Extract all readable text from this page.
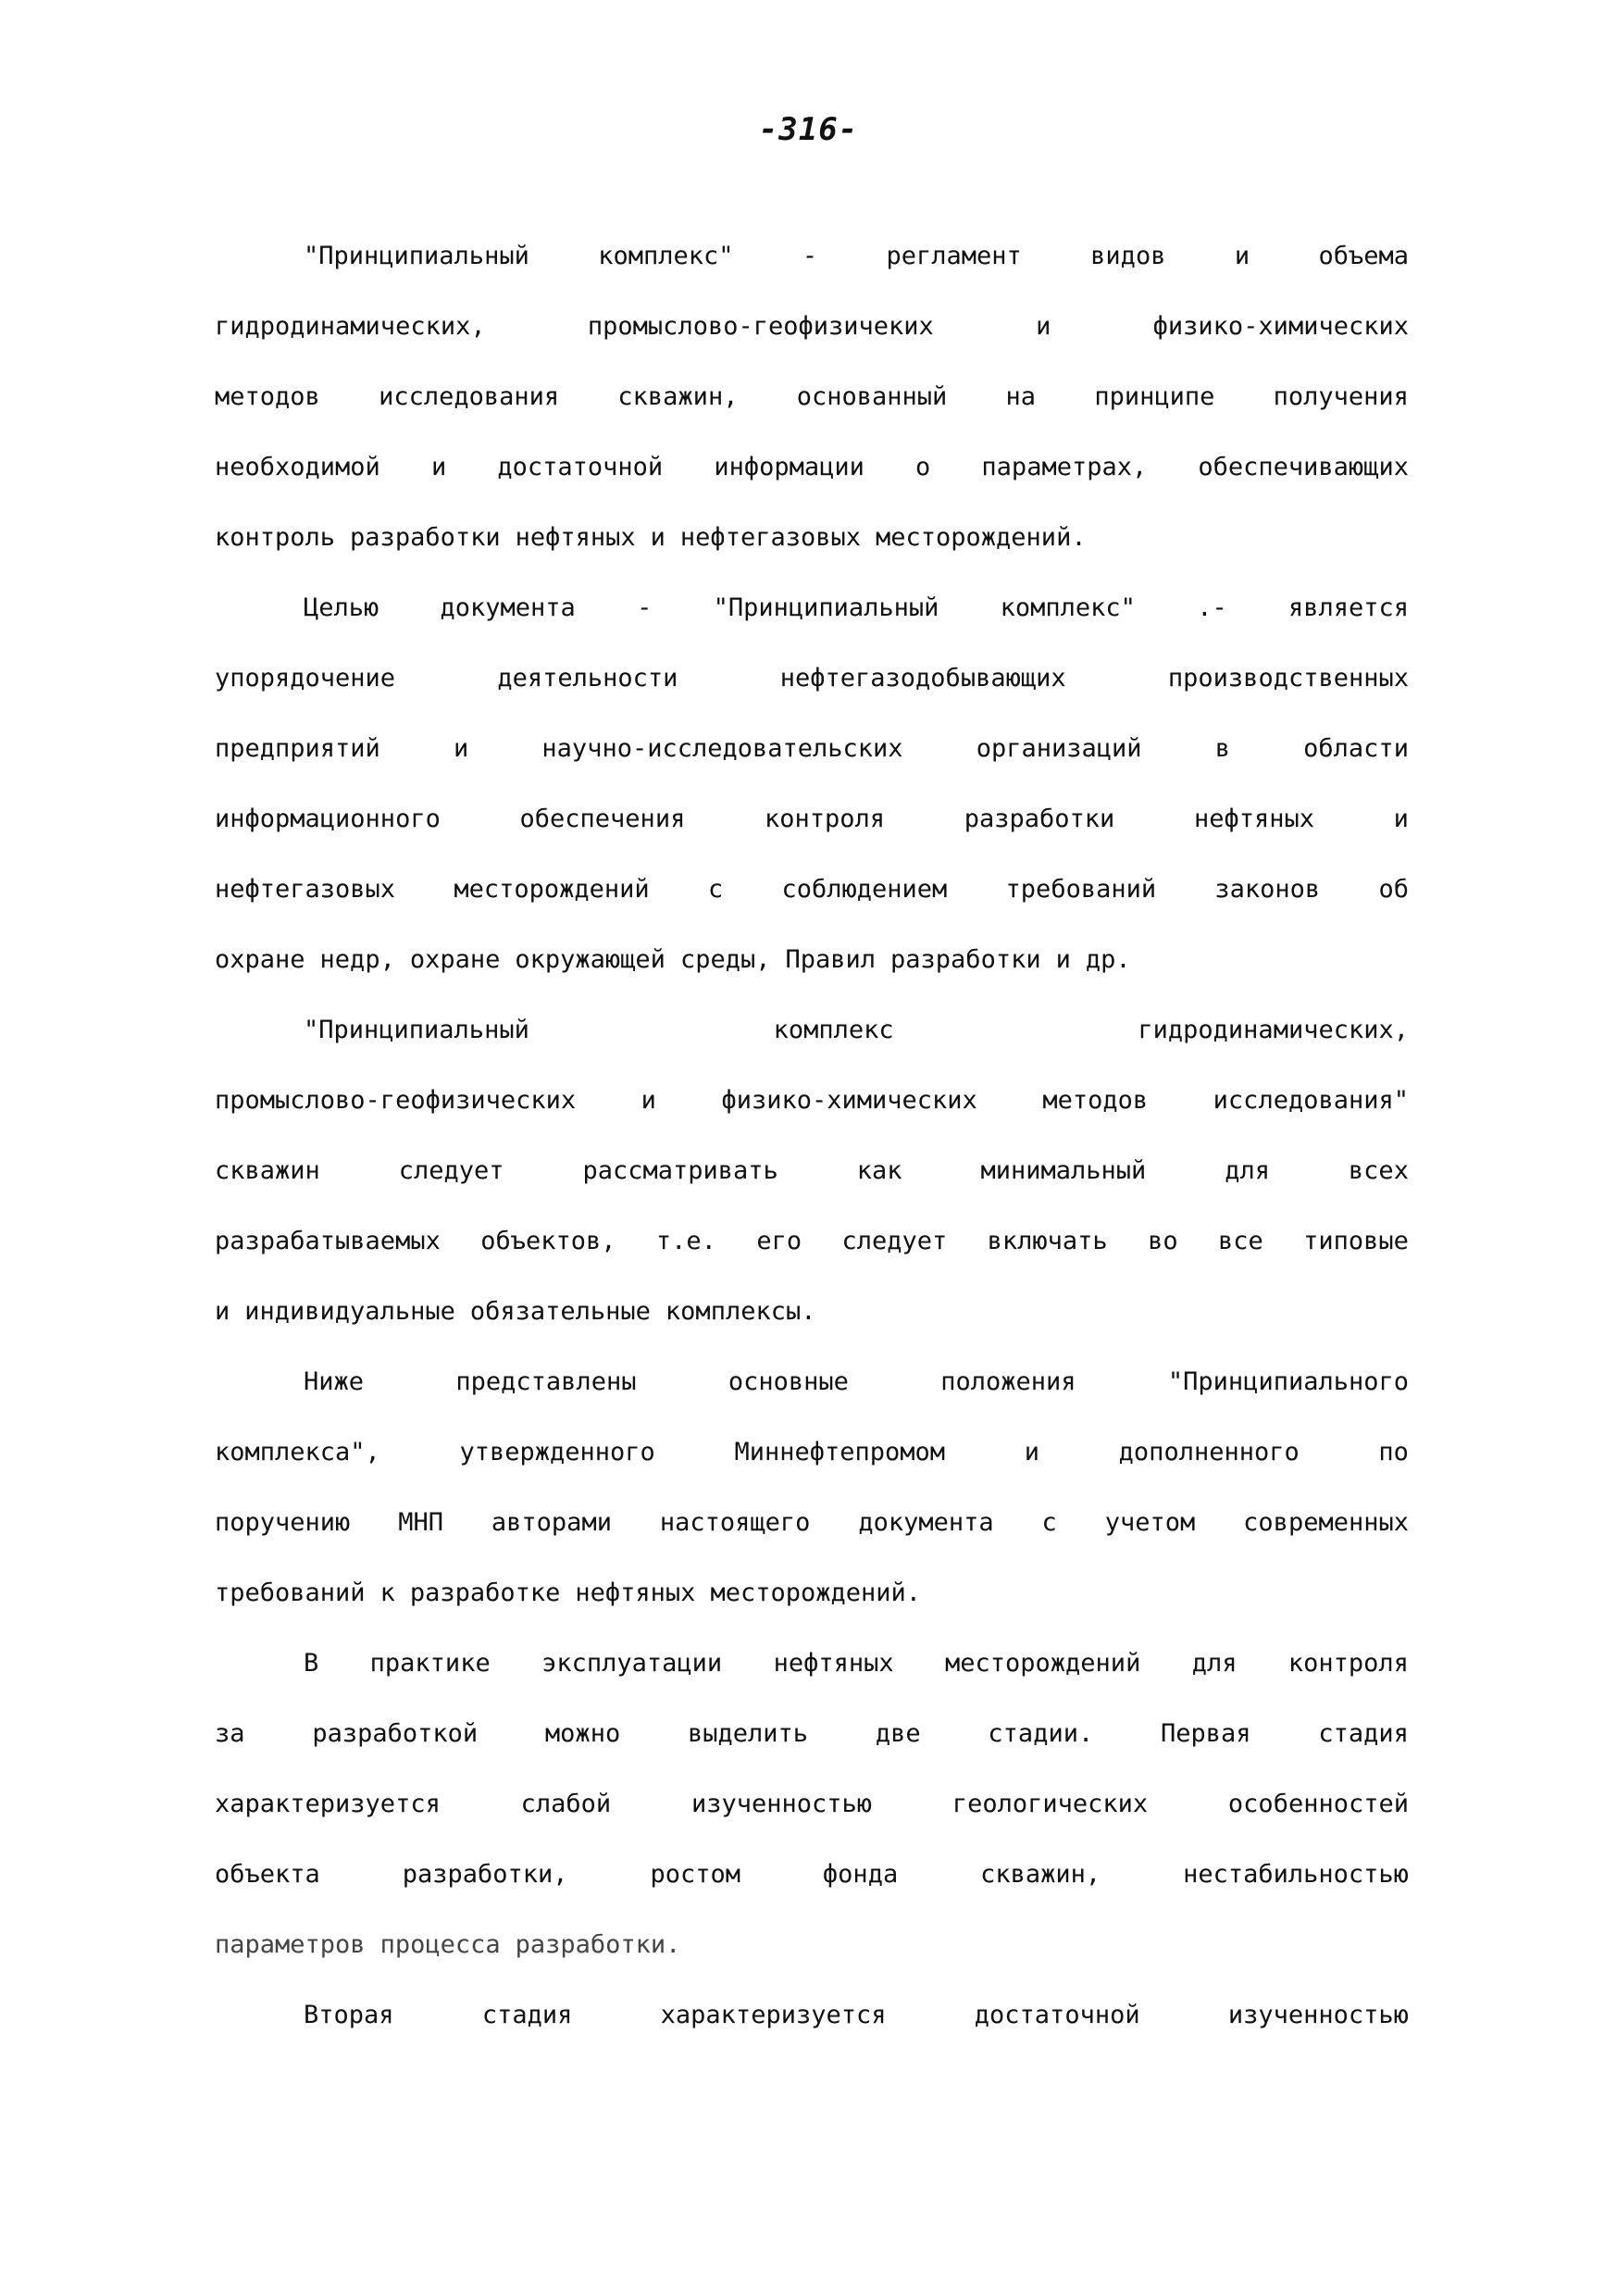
-316-
"Принципиальный	комплекс"	-	регламент	видов	и	объема
гидродинамических,	промыслово-геофизичеких	и	физико-химических
методов исследования скважин, основанный на принципе получения
необходимой и достаточной информации о параметрах, обеспечивающих
контроль разработки нефтяных и нефтегазовых месторождений.
Целью документа - "Принципиальный комплекс" .- является
упорядочение	деятельности	нефтегазодобывающих	производственных
предприятий	и	научно-исследовательских	организаций	в	области
информационного	обеспечения	контроля	разработки	нефтяных	и
нефтегазовых месторождений с соблюдением требований законов об
охране недр, охране окружающей среды, Правил разработки и др.
"Принципиальный	комплекс	гидродинамических,
промыслово-геофизических	и	физико-химических	методов	исследования"
скважин	следует	рассматривать	как	минимальный	для	всех
разрабатываемых объектов, т.е. его следует включать во все типовые
и индивидуальные обязательные комплексы.
Ниже	представлены	основные	положения	"Принципиального
комплекса",	утвержденного	Миннефтепромом	и	дополненного	по
поручению МНП авторами настоящего документа с учетом современных
требований к разработке нефтяных месторождений.
В практике эксплуатации нефтяных месторождений для контроля
за	разработкой	можно	выделить	две	стадии.	Первая	стадия
характеризуется	слабой	изученностью	геологических	особенностей
объекта	разработки,	ростом	фонда	скважин,	нестабильностью
параметров процесса разработки.
Вторая	стадия	характеризуется	достаточной	изученностью
